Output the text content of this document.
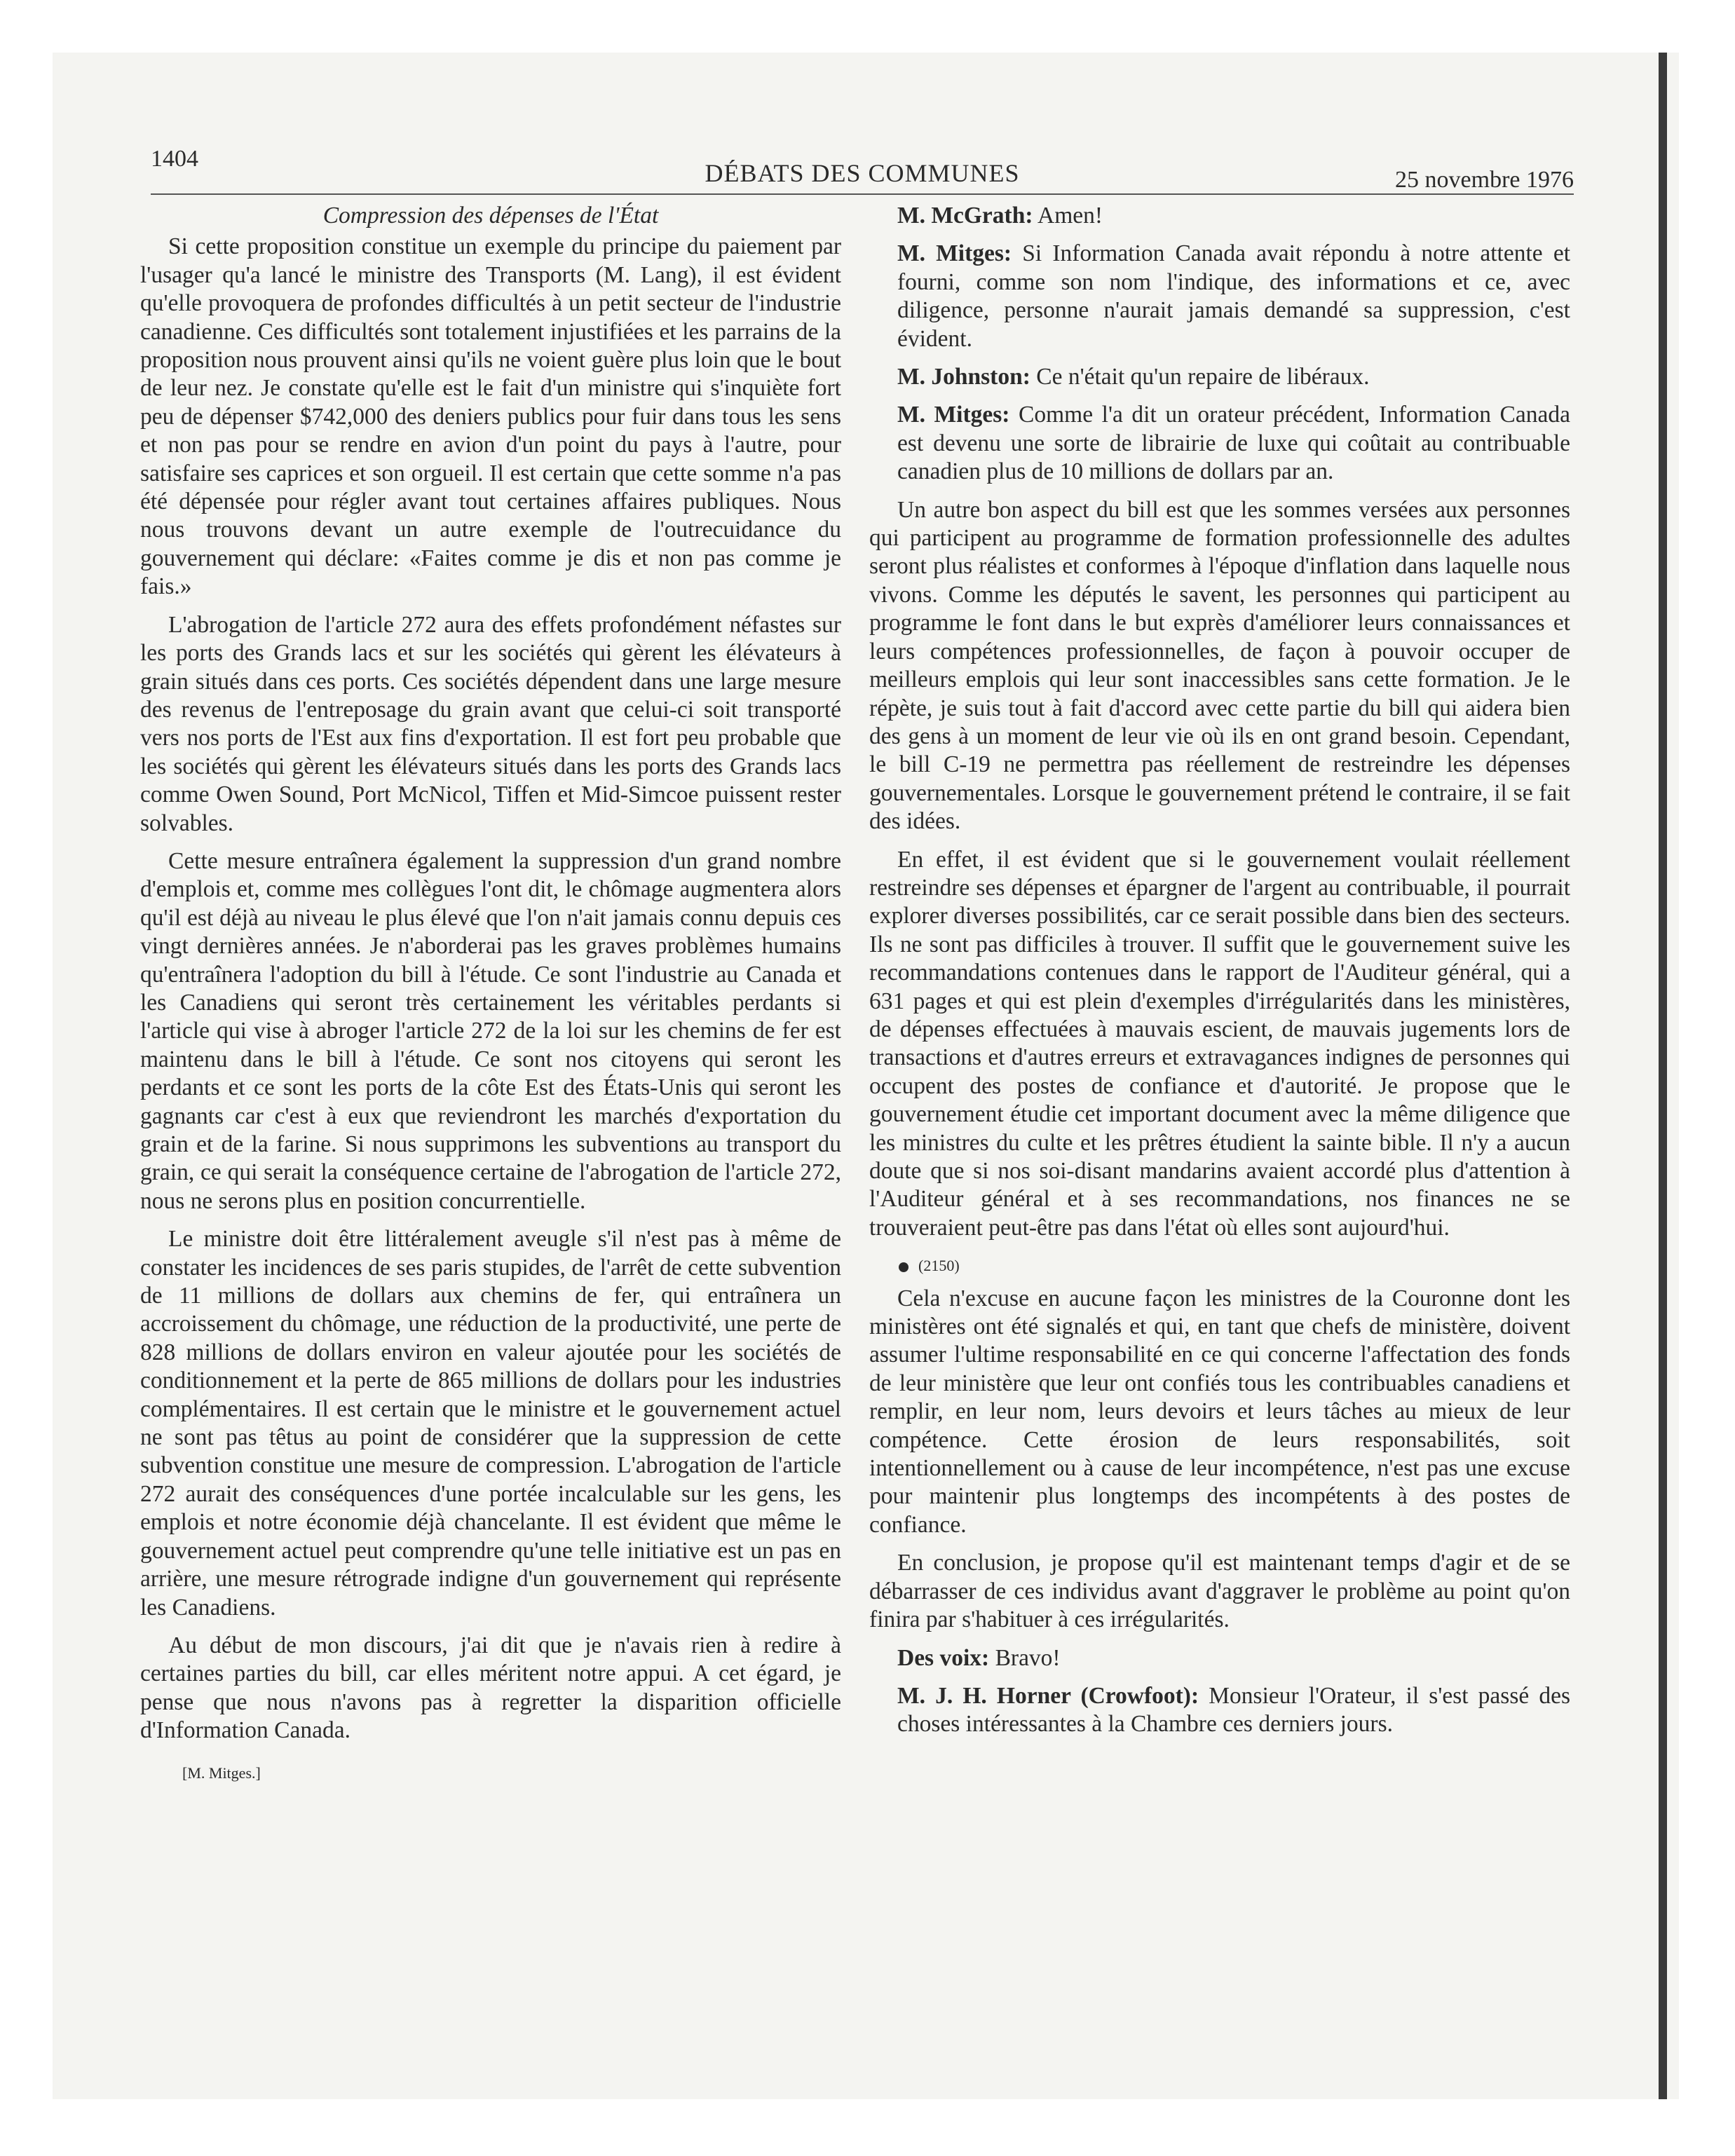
1404
DÉBATS DES COMMUNES	25 novembre 1976

Compression des dépenses de l'État

Si cette proposition constitue un exemple du principe du paiement par l'usager qu'a lancé le ministre des Transports (M. Lang), il est évident qu'elle provoquera de profondes difficultés à un petit secteur de l'industrie canadienne. Ces difficultés sont totalement injustifiées et les parrains de la proposition nous prouvent ainsi qu'ils ne voient guère plus loin que le bout de leur nez. Je constate qu'elle est le fait d'un ministre qui s'inquiète fort peu de dépenser $742,000 des deniers publics pour fuir dans tous les sens et non pas pour se rendre en avion d'un point du pays à l'autre, pour satisfaire ses caprices et son orgueil. Il est certain que cette somme n'a pas été dépensée pour régler avant tout certaines affaires publiques. Nous nous trouvons devant un autre exemple de l'outrecuidance du gouvernement qui déclare: «Faites comme je dis et non pas comme je fais.»

L'abrogation de l'article 272 aura des effets profondément néfastes sur les ports des Grands lacs et sur les sociétés qui gèrent les élévateurs à grain situés dans ces ports. Ces sociétés dépendent dans une large mesure des revenus de l'entreposage du grain avant que celui-ci soit transporté vers nos ports de l'Est aux fins d'exportation. Il est fort peu probable que les sociétés qui gèrent les élévateurs situés dans les ports des Grands lacs comme Owen Sound, Port McNicol, Tiffen et Mid-Simcoe puissent rester solvables.

Cette mesure entraînera également la suppression d'un grand nombre d'emplois et, comme mes collègues l'ont dit, le chômage augmentera alors qu'il est déjà au niveau le plus élevé que l'on n'ait jamais connu depuis ces vingt dernières années. Je n'aborderai pas les graves problèmes humains qu'entraînera l'adoption du bill à l'étude. Ce sont l'industrie au Canada et les Canadiens qui seront très certainement les véritables perdants si l'article qui vise à abroger l'article 272 de la loi sur les chemins de fer est maintenu dans le bill à l'étude. Ce sont nos citoyens qui seront les perdants et ce sont les ports de la côte Est des États-Unis qui seront les gagnants car c'est à eux que reviendront les marchés d'exportation du grain et de la farine. Si nous supprimons les subventions au transport du grain, ce qui serait la conséquence certaine de l'abrogation de l'article 272, nous ne serons plus en position concurrentielle.

Le ministre doit être littéralement aveugle s'il n'est pas à même de constater les incidences de ses paris stupides, de l'arrêt de cette subvention de 11 millions de dollars aux chemins de fer, qui entraînera un accroissement du chômage, une réduction de la productivité, une perte de 828 millions de dollars environ en valeur ajoutée pour les sociétés de conditionnement et la perte de 865 millions de dollars pour les industries complémentaires. Il est certain que le ministre et le gouvernement actuel ne sont pas têtus au point de considérer que la suppression de cette subvention constitue une mesure de compression. L'abrogation de l'article 272 aurait des conséquences d'une portée incalculable sur les gens, les emplois et notre économie déjà chancelante. Il est évident que même le gouvernement actuel peut comprendre qu'une telle initiative est un pas en arrière, une mesure rétrograde indigne d'un gouvernement qui représente les Canadiens.

Au début de mon discours, j'ai dit que je n'avais rien à redire à certaines parties du bill, car elles méritent notre appui. A cet égard, je pense que nous n'avons pas à regretter la disparition officielle d'Information Canada.

[M. Mitges.]

M. McGrath: Amen!

M. Mitges: Si Information Canada avait répondu à notre attente et fourni, comme son nom l'indique, des informations et ce, avec diligence, personne n'aurait jamais demandé sa suppression, c'est évident.

M. Johnston: Ce n'était qu'un repaire de libéraux.

M. Mitges: Comme l'a dit un orateur précédent, Information Canada est devenu une sorte de librairie de luxe qui coûtait au contribuable canadien plus de 10 millions de dollars par an.

Un autre bon aspect du bill est que les sommes versées aux personnes qui participent au programme de formation professionnelle des adultes seront plus réalistes et conformes à l'époque d'inflation dans laquelle nous vivons. Comme les députés le savent, les personnes qui participent au programme le font dans le but exprès d'améliorer leurs connaissances et leurs compétences professionnelles, de façon à pouvoir occuper de meilleurs emplois qui leur sont inaccessibles sans cette formation. Je le répète, je suis tout à fait d'accord avec cette partie du bill qui aidera bien des gens à un moment de leur vie où ils en ont grand besoin. Cependant, le bill C-19 ne permettra pas réellement de restreindre les dépenses gouvernementales. Lorsque le gouvernement prétend le contraire, il se fait des idées.

En effet, il est évident que si le gouvernement voulait réellement restreindre ses dépenses et épargner de l'argent au contribuable, il pourrait explorer diverses possibilités, car ce serait possible dans bien des secteurs. Ils ne sont pas difficiles à trouver. Il suffit que le gouvernement suive les recommandations contenues dans le rapport de l'Auditeur général, qui a 631 pages et qui est plein d'exemples d'irrégularités dans les ministères, de dépenses effectuées à mauvais escient, de mauvais jugements lors de transactions et d'autres erreurs et extravagances indignes de personnes qui occupent des postes de confiance et d'autorité. Je propose que le gouvernement étudie cet important document avec la même diligence que les ministres du culte et les prêtres étudient la sainte bible. Il n'y a aucun doute que si nos soi-disant mandarins avaient accordé plus d'attention à l'Auditeur général et à ses recommandations, nos finances ne se trouveraient peut-être pas dans l'état où elles sont aujourd'hui.

(2150)

Cela n'excuse en aucune façon les ministres de la Couronne dont les ministères ont été signalés et qui, en tant que chefs de ministère, doivent assumer l'ultime responsabilité en ce qui concerne l'affectation des fonds de leur ministère que leur ont confiés tous les contribuables canadiens et remplir, en leur nom, leurs devoirs et leurs tâches au mieux de leur compétence. Cette érosion de leurs responsabilités, soit intentionnellement ou à cause de leur incompétence, n'est pas une excuse pour maintenir plus longtemps des incompétents à des postes de confiance.

En conclusion, je propose qu'il est maintenant temps d'agir et de se débarrasser de ces individus avant d'aggraver le problème au point qu'on finira par s'habituer à ces irrégularités.

Des voix: Bravo!

M. J. H. Horner (Crowfoot): Monsieur l'Orateur, il s'est passé des choses intéressantes à la Chambre ces derniers jours.
